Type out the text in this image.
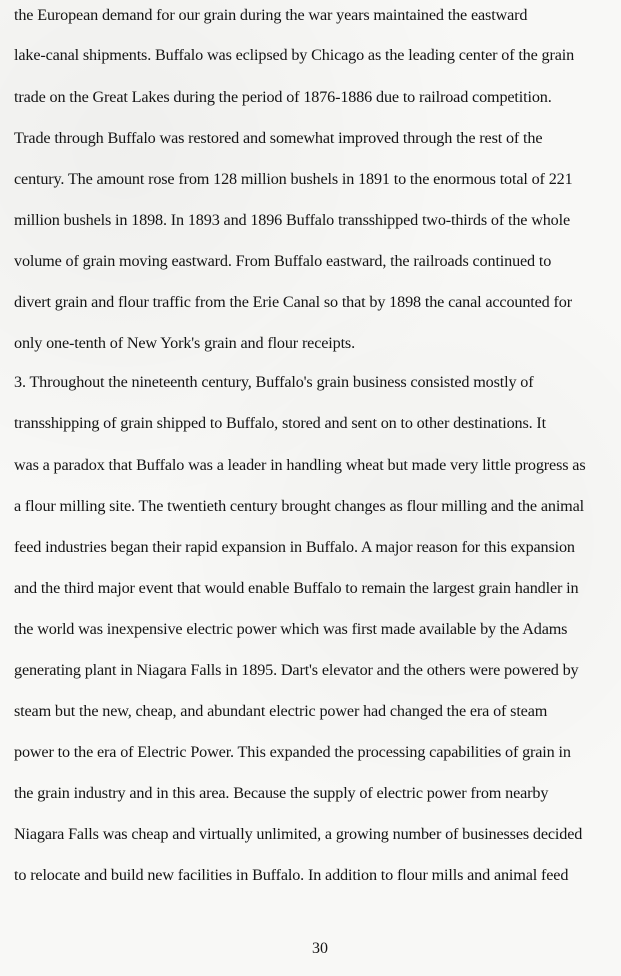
the European demand for our grain during the war years maintained the eastward
lake-canal shipments. Buffalo was eclipsed by Chicago as the leading center of the grain
trade on the Great Lakes during the period of 1876-1886 due to railroad competition.
Trade through Buffalo was restored and somewhat improved through the rest of the
century. The amount rose from 128 million bushels in 1891 to the enormous total of 221
million bushels in 1898. In 1893 and 1896 Buffalo transshipped two-thirds of the whole
volume of grain moving eastward. From Buffalo eastward, the railroads continued to
divert grain and flour traffic from the Erie Canal so that by 1898 the canal accounted for
only one-tenth of New York's grain and flour receipts.
3. Throughout the nineteenth century, Buffalo's grain business consisted mostly of
transshipping of grain shipped to Buffalo, stored and sent on to other destinations. It
was a paradox that Buffalo was a leader in handling wheat but made very little progress as
a flour milling site. The twentieth century brought changes as flour milling and the animal
feed industries began their rapid expansion in Buffalo. A major reason for this expansion
and the third major event that would enable Buffalo to remain the largest grain handler in
the world was inexpensive electric power which was first made available by the Adams
generating plant in Niagara Falls in 1895. Dart's elevator and the others were powered by
steam but the new, cheap, and abundant electric power had changed the era of steam
power to the era of Electric Power. This expanded the processing capabilities of grain in
the grain industry and in this area. Because the supply of electric power from nearby
Niagara Falls was cheap and virtually unlimited, a growing number of businesses decided
to relocate and build new facilities in Buffalo. In addition to flour mills and animal feed
30
